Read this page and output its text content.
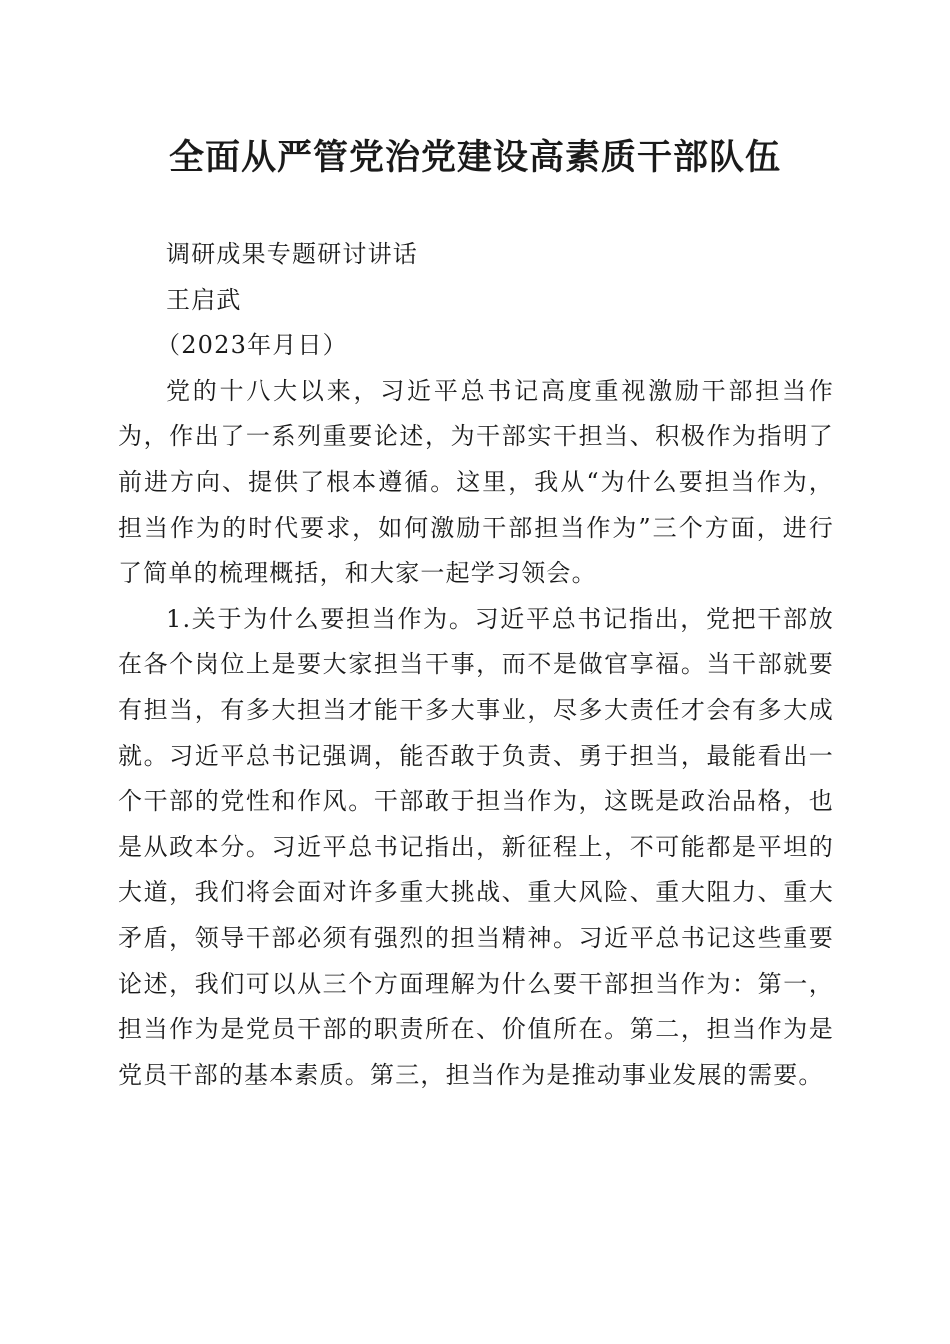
全面从严管党治党建设高素质干部队伍

调研成果专题研讨讲话

王启武

（2023年月日）

党的十八大以来，习近平总书记高度重视激励干部担当作为，作出了一系列重要论述，为干部实干担当、积极作为指明了前进方向、提供了根本遵循。这里，我从“为什么要担当作为，担当作为的时代要求，如何激励干部担当作为”三个方面，进行了简单的梳理概括，和大家一起学习领会。

1.关于为什么要担当作为。习近平总书记指出，党把干部放在各个岗位上是要大家担当干事，而不是做官享福。当干部就要有担当，有多大担当才能干多大事业，尽多大责任才会有多大成就。习近平总书记强调，能否敢于负责、勇于担当，最能看出一个干部的党性和作风。干部敢于担当作为，这既是政治品格，也是从政本分。习近平总书记指出，新征程上，不可能都是平坦的大道，我们将会面对许多重大挑战、重大风险、重大阻力、重大矛盾，领导干部必须有强烈的担当精神。习近平总书记这些重要论述，我们可以从三个方面理解为什么要干部担当作为：第一，担当作为是党员干部的职责所在、价值所在。第二，担当作为是党员干部的基本素质。第三，担当作为是推动事业发展的需要。
